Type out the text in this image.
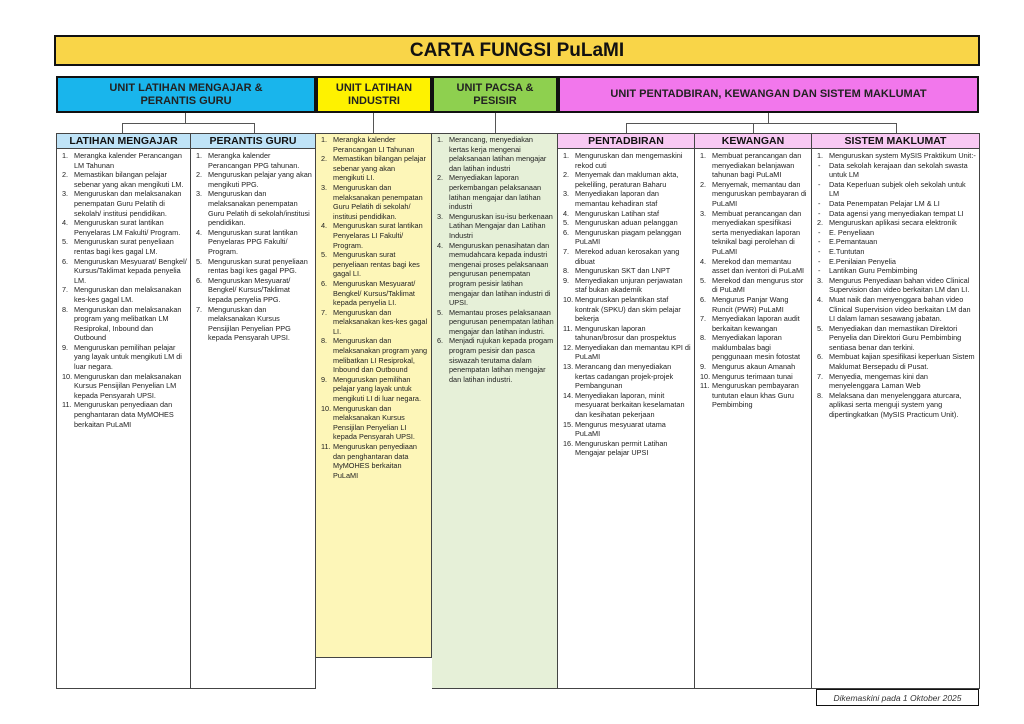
CARTA FUNGSI PuLaMI
UNIT LATIHAN MENGAJAR &
PERANTIS GURU
UNIT LATIHAN
INDUSTRI
UNIT PACSA &
PESISIR
UNIT PENTADBIRAN, KEWANGAN DAN SISTEM MAKLUMAT
LATIHAN MENGAJAR
1. Merangka kalender Perancangan LM Tahunan
2. Memastikan bilangan pelajar sebenar yang akan mengikuti LM.
3. Menguruskan dan melaksanakan penempatan Guru Pelatih di sekolah/ institusi pendidikan.
4. Menguruskan surat lantikan Penyelaras LM Fakulti/ Program.
5. Menguruskan surat penyeliaan rentas bagi kes gagal LM.
6. Menguruskan Mesyuarat/ Bengkel/ Kursus/Taklimat kepada penyelia LM.
7. Menguruskan dan melaksanakan kes-kes gagal LM.
8. Menguruskan dan melaksanakan program yang melibatkan LM Resiprokal, Inbound dan Outbound
9. Menguruskan pemilihan pelajar yang layak untuk mengikuti LM di luar negara.
10. Menguruskan dan melaksanakan Kursus Pensijilan Penyelian LM kepada Pensyarah UPSI.
11. Menguruskan penyediaan dan penghantaran data MyMOHES berkaitan PuLaMI
PERANTIS GURU
1. Merangka kalender Perancangan PPG tahunan.
2. Menguruskan pelajar yang akan mengikuti PPG.
3. Menguruskan dan melaksanakan penempatan Guru Pelatih di sekolah/institusi pendidikan.
4. Menguruskan surat lantikan Penyelaras PPG Fakulti/ Program.
5. Menguruskan surat penyeliaan rentas bagi kes gagal PPG.
6. Menguruskan Mesyuarat/ Bengkel/ Kursus/Taklimat kepada penyelia PPG.
7. Menguruskan dan melaksanakan Kursus Pensijilan Penyelian PPG kepada Pensyarah UPSI.
1. Merangka kalender Perancangan LI Tahunan
2. Memastikan bilangan pelajar sebenar yang akan mengikuti LI.
3. Menguruskan dan melaksanakan penempatan Guru Pelatih di sekolah/ institusi pendidikan.
4. Menguruskan surat lantikan Penyelaras LI Fakulti/ Program.
5. Menguruskan surat penyeliaan rentas bagi kes gagal LI.
6. Menguruskan Mesyuarat/ Bengkel/ Kursus/Taklimat kepada penyelia LI.
7. Menguruskan dan melaksanakan kes-kes gagal LI.
8. Menguruskan dan melaksanakan program yang melibatkan LI Resiprokal, Inbound dan Outbound
9. Menguruskan pemilihan pelajar yang layak untuk mengikuti LI di luar negara.
10. Menguruskan dan melaksanakan Kursus Pensijilan Penyelian LI kepada Pensyarah UPSI.
11. Menguruskan penyediaan dan penghantaran data MyMOHES berkaitan PuLaMI
1. Merancang, menyediakan kertas kerja mengenai pelaksanaan latihan mengajar dan latihan industri
2. Menyediakan laporan perkembangan pelaksanaan latihan mengajar dan latihan industri
3. Menguruskan isu-isu berkenaan Latihan Mengajar dan Latihan Industri
4. Menguruskan penasihatan dan memudahcara kepada industri mengenai proses pelaksanaan pengurusan penempatan program pesisir latihan mengajar dan latihan industri di UPSI.
5. Memantau proses pelaksanaan pengurusan penempatan latihan mengajar dan latihan industri.
6. Menjadi rujukan kepada progam program pesisir dan pasca siswazah terutama dalam penempatan latihan mengajar dan latihan industri.
PENTADBIRAN
1. Menguruskan dan mengemaskini rekod cuti
2. Menyemak dan makluman akta, pekeliling, peraturan Baharu
3. Menyediakan laporan dan memantau kehadiran staf
4. Menguruskan Latihan staf
5. Menguruskan aduan pelanggan
6. Menguruskan piagam pelanggan PuLaMI
7. Merekod aduan kerosakan yang dibuat
8. Menguruskan SKT dan LNPT
9. Menyediakan unjuran perjawatan staf bukan akademik
10. Menguruskan pelantikan staf kontrak (SPKU) dan skim pelajar bekerja
11. Menguruskan laporan tahunan/brosur dan prospektus
12. Menyediakan dan memantau KPI di PuLaMI
13. Merancang dan menyediakan kertas cadangan projek-projek Pembangunan
14. Menyediakan laporan, minit mesyuarat berkaitan keselamatan dan kesihatan pekerjaan
15. Mengurus mesyuarat utama PuLaMI
16. Menguruskan permit Latihan Mengajar pelajar UPSI
KEWANGAN
1. Membuat perancangan dan menyediakan belanjawan tahunan bagi PuLaMI
2. Menyemak, memantau dan menguruskan pembayaran di PuLaMI
3. Membuat perancangan dan menyediakan spesifikasi serta menyediakan laporan teknikal bagi perolehan di PuLaMI
4. Merekod dan memantau asset dan iventori di PuLaMI
5. Merekod dan mengurus stor di PuLaMI
6. Mengurus Panjar Wang Runcit (PWR) PuLaMI
7. Menyediakan laporan audit berkaitan kewangan
8. Menyediakan laporan maklumbalas bagi penggunaan mesin fotostat
9. Mengurus akaun Amanah
10. Mengurus terimaan tunai
11. Menguruskan pembayaran tuntutan elaun khas Guru Pembimbing
SISTEM MAKLUMAT
1. Menguruskan system MySIS Praktikum Unit:-
-	Data sekolah kerajaan dan sekolah swasta untuk LM
-	Data Keperluan subjek oleh sekolah untuk LM
-	Data Penempatan Pelajar LM & LI
-	Data agensi yang menyediakan tempat LI
2. Menguruskan aplikasi secara elektronik
-	E. Penyeliaan
-	E.Pemantauan
-	E.Tuntutan
-	E.Penilaian Penyelia
-	Lantikan Guru Pembimbing
3. Mengurus Penyediaan bahan video Clinical Supervision dan video berkaitan LM dan LI.
4. Muat naik dan menyenggara bahan video Clinical Supervision video berkaitan LM dan LI dalam laman sesawang jabatan.
5. Menyediakan dan memastikan Direktori Penyelia dan Direktori Guru Pembimbing sentiasa benar dan terkini.
6. Membuat kajian spesifikasi keperluan Sistem Maklumat Bersepadu di Pusat.
7. Menyedia, mengemas kini dan menyelenggara Laman Web
8. Melaksana dan menyelenggara aturcara, aplikasi serta menguji system yang dipertingkatkan (MySIS Practicum Unit).
Dikemaskini pada 1 Oktober 2025
